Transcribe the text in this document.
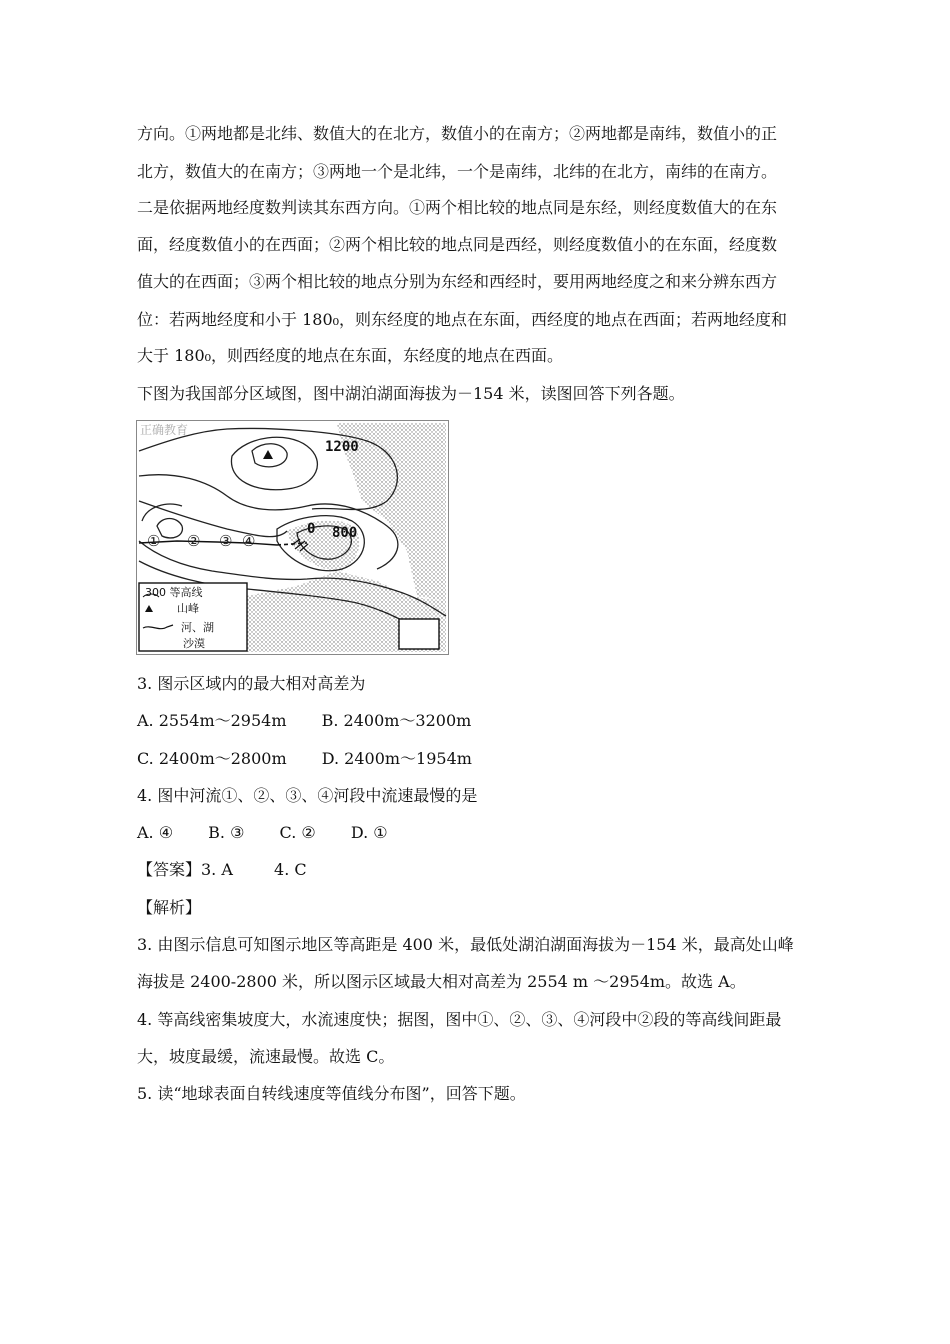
方向。①两地都是北纬、数值大的在北方，数值小的在南方；②两地都是南纬，数值小的正
北方，数值大的在南方；③两地一个是北纬，一个是南纬，北纬的在北方，南纬的在南方。
二是依据两地经度数判读其东西方向。①两个相比较的地点同是东经，则经度数值大的在东
面，经度数值小的在西面；②两个相比较的地点同是西经，则经度数值小的在东面，经度数
值大的在西面；③两个相比较的地点分别为东经和西经时，要用两地经度之和来分辨东西方
位：若两地经度和小于 180₀，则东经度的地点在东面，西经度的地点在西面；若两地经度和
大于 180₀，则西经度的地点在东面，东经度的地点在西面。
下图为我国部分区域图，图中湖泊湖面海拔为－154 米，读图回答下列各题。
① ② ③ ④
1200
0 800
正确教育
300 等高线
山峰
河、湖
沙漠
3. 图示区域内的最大相对高差为
A. 2554m～2954m B. 2400m～3200m
C. 2400m～2800m D. 2400m～1954m
4. 图中河流①、②、③、④河段中流速最慢的是
A. ④ B. ③ C. ② D. ①
【答案】3. A	4. C
【解析】
3. 由图示信息可知图示地区等高距是 400 米，最低处湖泊湖面海拔为－154 米，最高处山峰
海拔是 2400-2800 米，所以图示区域最大相对高差为 2554 m ～2954m。故选 A。
4. 等高线密集坡度大，水流速度快；据图，图中①、②、③、④河段中②段的等高线间距最
大，坡度最缓，流速最慢。故选 C。
5. 读“地球表面自转线速度等值线分布图”，回答下题。
